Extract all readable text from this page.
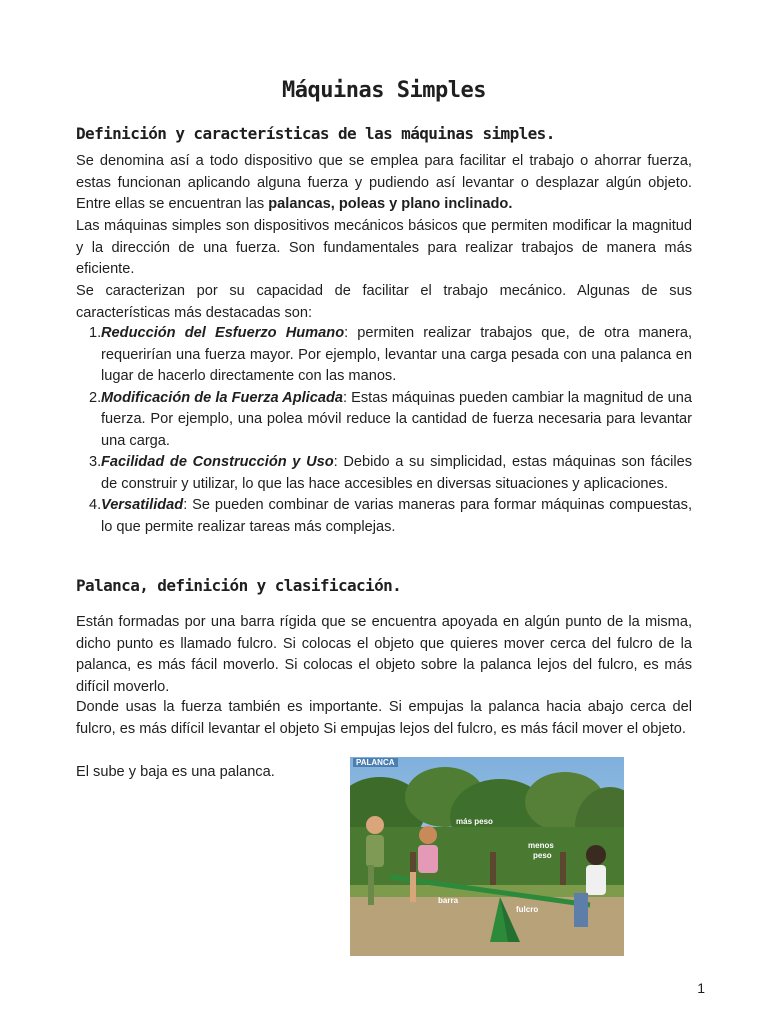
Máquinas Simples
Definición y características de las máquinas simples.

Se denomina así a todo dispositivo que se emplea para facilitar el trabajo o ahorrar fuerza, estas funcionan aplicando alguna fuerza y pudiendo así levantar o desplazar algún objeto. Entre ellas se encuentran las palancas, poleas y plano inclinado.

Las máquinas simples son dispositivos mecánicos básicos que permiten modificar la magnitud y la dirección de una fuerza. Son fundamentales para realizar trabajos de manera más eficiente.

Se caracterizan por su capacidad de facilitar el trabajo mecánico. Algunas de sus características más destacadas son:

1. Reducción del Esfuerzo Humano: permiten realizar trabajos que, de otra manera, requerirían una fuerza mayor. Por ejemplo, levantar una carga pesada con una palanca en lugar de hacerlo directamente con las manos.
2. Modificación de la Fuerza Aplicada: Estas máquinas pueden cambiar la magnitud de una fuerza. Por ejemplo, una polea móvil reduce la cantidad de fuerza necesaria para levantar una carga.
3. Facilidad de Construcción y Uso: Debido a su simplicidad, estas máquinas son fáciles de construir y utilizar, lo que las hace accesibles en diversas situaciones y aplicaciones.
4. Versatilidad: Se pueden combinar de varias maneras para formar máquinas compuestas, lo que permite realizar tareas más complejas.
Palanca, definición y clasificación.

Están formadas por una barra rígida que se encuentra apoyada en algún punto de la misma, dicho punto es llamado fulcro. Si colocas el objeto que quieres mover cerca del fulcro de la palanca, es más fácil moverlo. Si colocas el objeto sobre la palanca lejos del fulcro, es más difícil moverlo.

Donde usas la fuerza también es importante. Si empujas la palanca hacia abajo cerca del fulcro, es más difícil levantar el objeto Si empujas lejos del fulcro, es más fácil mover el objeto.

El sube y baja es una palanca.

PALANCA
más peso
menos
peso
barra
fulcro
1
